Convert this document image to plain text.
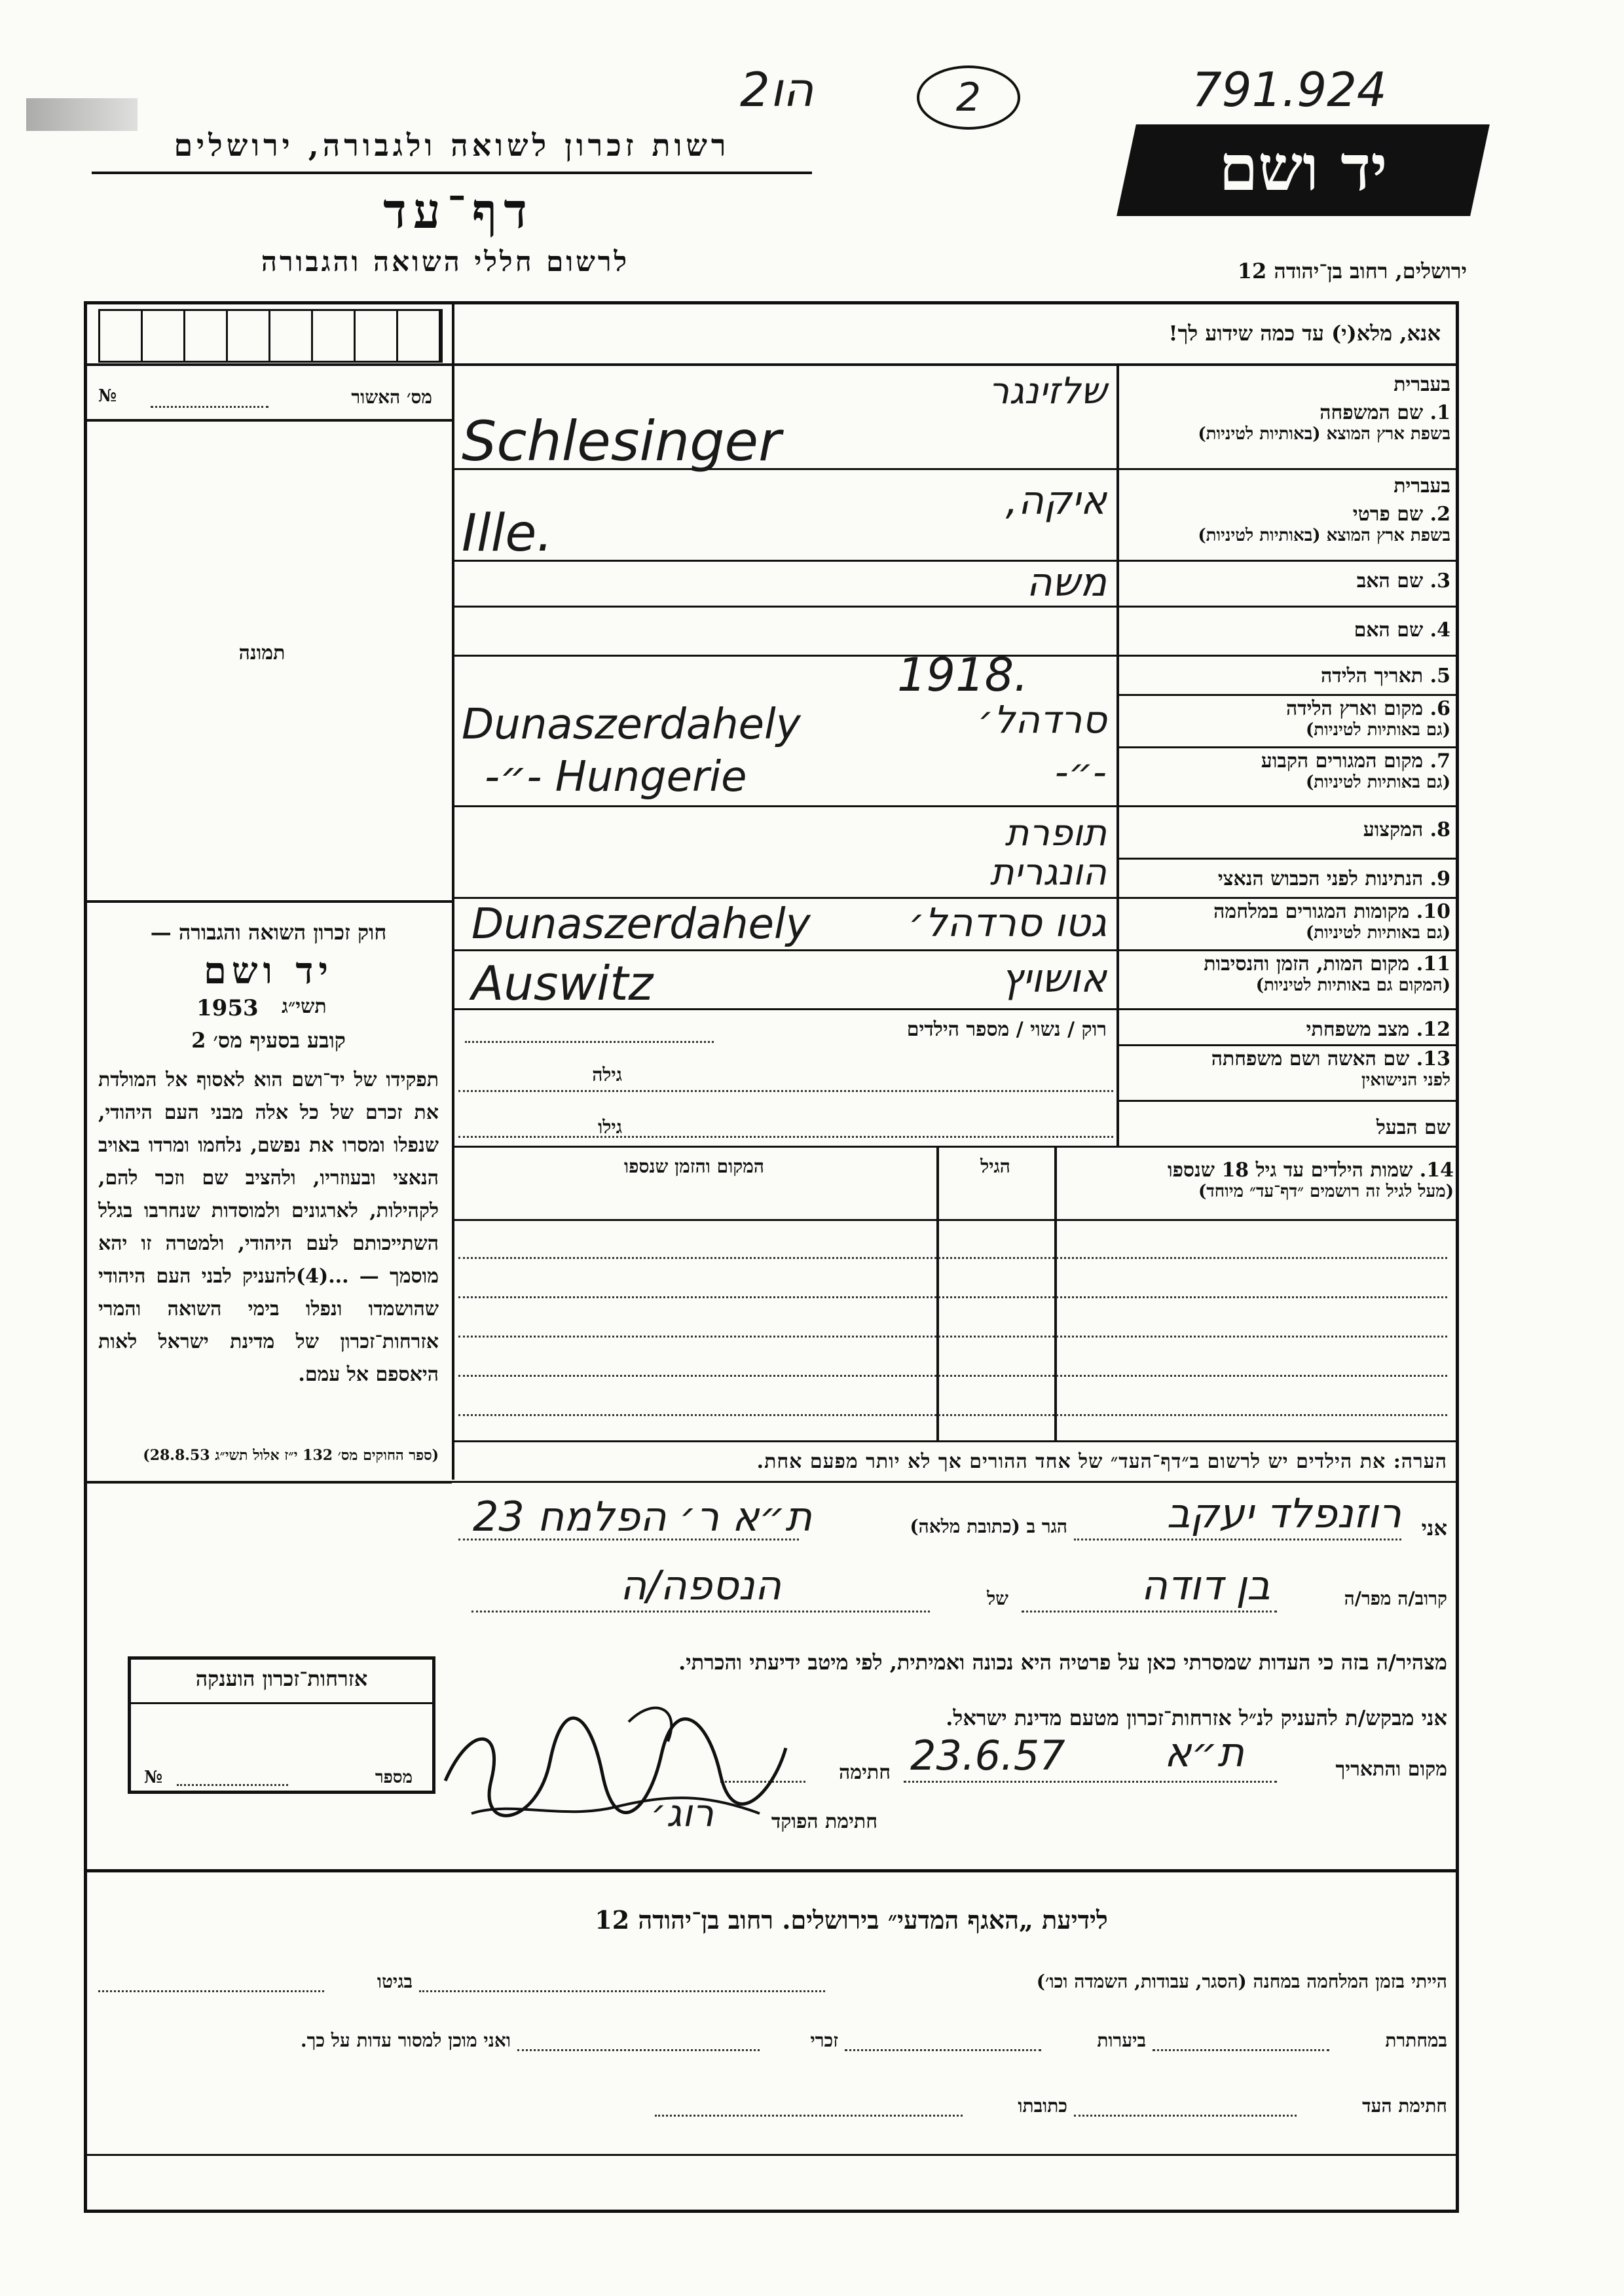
2הו	2	791.924
רשות זכרון לשואה ולגבורה, ירושלים
דף־עד
לרשום חללי השואה והגבורה
יד ושם
ירושלים, רחוב בן־יהודה 12
אנא, מלא(י) עד כמה שידוע לך!
מס׳ האשור
№
תמונה
חוק זכרון השואה והגבורה —
יד ושם
1953 תשי״ג
קובע בסעיף מס׳ 2
תפקידו של יד־ושם הוא לאסוף אל המולדת את זכרם של כל אלה מבני העם היהודי, שנפלו ומסרו את נפשם, נלחמו ומרדו באויב הנאצי ובעוזריו, ולהציב שם וזכר להם, לקהילות, לארגונים ולמוסדות שנחרבו בגלל השתייכותם לעם היהודי, ולמטרה זו יהא מוסמך — ...(4)להעניק לבני העם היהודי שהושמדו ונפלו בימי השואה והמרי אזרחות־זכרון של מדינת ישראל לאות היאספם אל עמם.
(ספר החוקים מס׳ 132 י״ז אלול תשי״ג 28.8.53)
בעברית
1. שם המשפחה
בשפת ארץ המוצא (באותיות לטיניות)
בעברית
2. שם פרטי
בשפת ארץ המוצא (באותיות לטיניות)
3. שם האב
4. שם האם
5. תאריך הלידה
6. מקום וארץ הלידה
(גם באותיות לטיניות)
7. מקום המגורים הקבוע
(גם באותיות לטיניות)
8. המקצוע
9. הנתינות לפני הכבוש הנאצי
10. מקומות המגורים במלחמה
(גם באותיות לטיניות)
11. מקום המות, הזמן והנסיבות
(המקום גם באותיות לטיניות)
12. מצב משפחתי
13. שם האשה ושם משפחתה
לפני הנישואין
שם הבעל
שלזינגר
Schlesinger
איקה,
Ille.
משה
1918.
סרדהל׳
Dunaszerdahely
-״-
-״- Hungerie
תופרת
הונגרית
גטו סרדהל׳
Dunaszerdahely
אושויץ
Auswitz
רוק / נשוי / מספר הילדים
גילה
גילו
14. שמות הילדים עד גיל 18 שנספו
(מעל לגיל זה רושמים ״דף־עד״ מיוחד)
הגיל
המקום והזמן שנספו
הערה: את הילדים יש לרשום ב״דף־העד״ של אחד ההורים אך לא יותר מפעם אחת.
אני
רוזנפלד יעקב
הגר ב (כתובת מלאה)
ת״א ר׳ הפלמח 23
קרוב/ה מפר/ה
בן דודה
של
הנספה/ה
מצהיר/ה בזה כי העדות שמסרתי כאן על פרטיה היא נכונה ואמיתית, לפי מיטב ידיעתי והכרתי.
אני מבקש/ת להעניק לנ״ל אזרחות־זכרון מטעם מדינת ישראל.
מקום והתאריך
ת״א
23.6.57
חתימה
חתימת הפוקד
רוג׳
אזרחות־זכרון הוענקה
מספר
№
לידיעת „האגף המדעי״ בירושלים. רחוב בן־יהודה 12
הייתי בזמן המלחמה במחנה (הסגר, עבודות, השמדה וכו׳)
בגיטו
במחתרת
ביערות
זכרי
ואני מוכן למסור עדות על כך.
חתימת העד
כתובתו
